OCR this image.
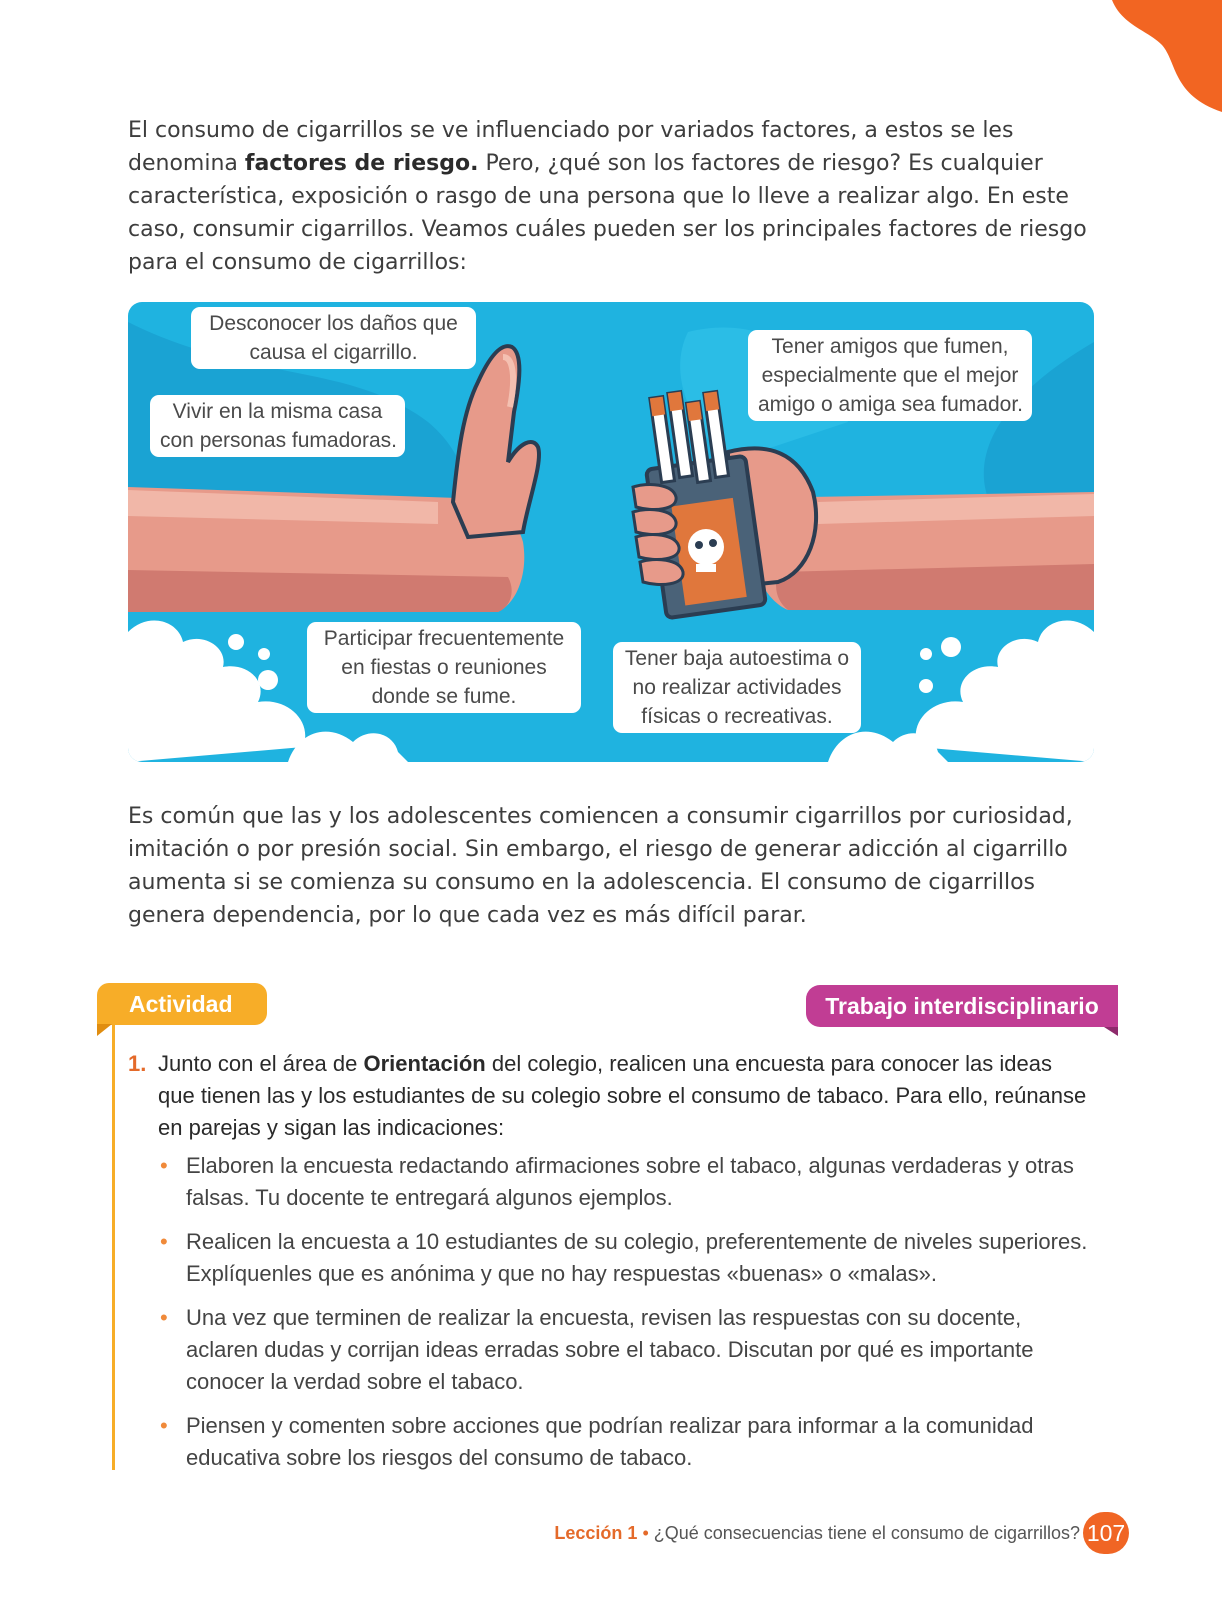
El consumo de cigarrillos se ve influenciado por variados factores, a estos se les denomina factores de riesgo. Pero, ¿qué son los factores de riesgo? Es cualquier característica, exposición o rasgo de una persona que lo lleve a realizar algo. En este caso, consumir cigarrillos. Veamos cuáles pueden ser los principales factores de riesgo para el consumo de cigarrillos:

Desconocer los daños que
causa el cigarrillo.
Vivir en la misma casa
con personas fumadoras.
Tener amigos que fumen,
especialmente que el mejor
amigo o amiga sea fumador.
Participar frecuentemente
en fiestas o reuniones
donde se fume.
Tener baja autoestima o
no realizar actividades
físicas o recreativas.

Es común que las y los adolescentes comiencen a consumir cigarrillos por curiosidad, imitación o por presión social. Sin embargo, el riesgo de generar adicción al cigarrillo aumenta si se comienza su consumo en la adolescencia. El consumo de cigarrillos genera dependencia, por lo que cada vez es más difícil parar.

Actividad	Trabajo interdisciplinario
1. Junto con el área de Orientación del colegio, realicen una encuesta para conocer las ideas que tienen las y los estudiantes de su colegio sobre el consumo de tabaco. Para ello, reúnanse en parejas y sigan las indicaciones:
• Elaboren la encuesta redactando afirmaciones sobre el tabaco, algunas verdaderas y otras falsas. Tu docente te entregará algunos ejemplos.
• Realicen la encuesta a 10 estudiantes de su colegio, preferentemente de niveles superiores. Explíquenles que es anónima y que no hay respuestas «buenas» o «malas».
• Una vez que terminen de realizar la encuesta, revisen las respuestas con su docente, aclaren dudas y corrijan ideas erradas sobre el tabaco. Discutan por qué es importante conocer la verdad sobre el tabaco.
• Piensen y comenten sobre acciones que podrían realizar para informar a la comunidad educativa sobre los riesgos del consumo de tabaco.
Lección 1 • ¿Qué consecuencias tiene el consumo de cigarrillos? 107
